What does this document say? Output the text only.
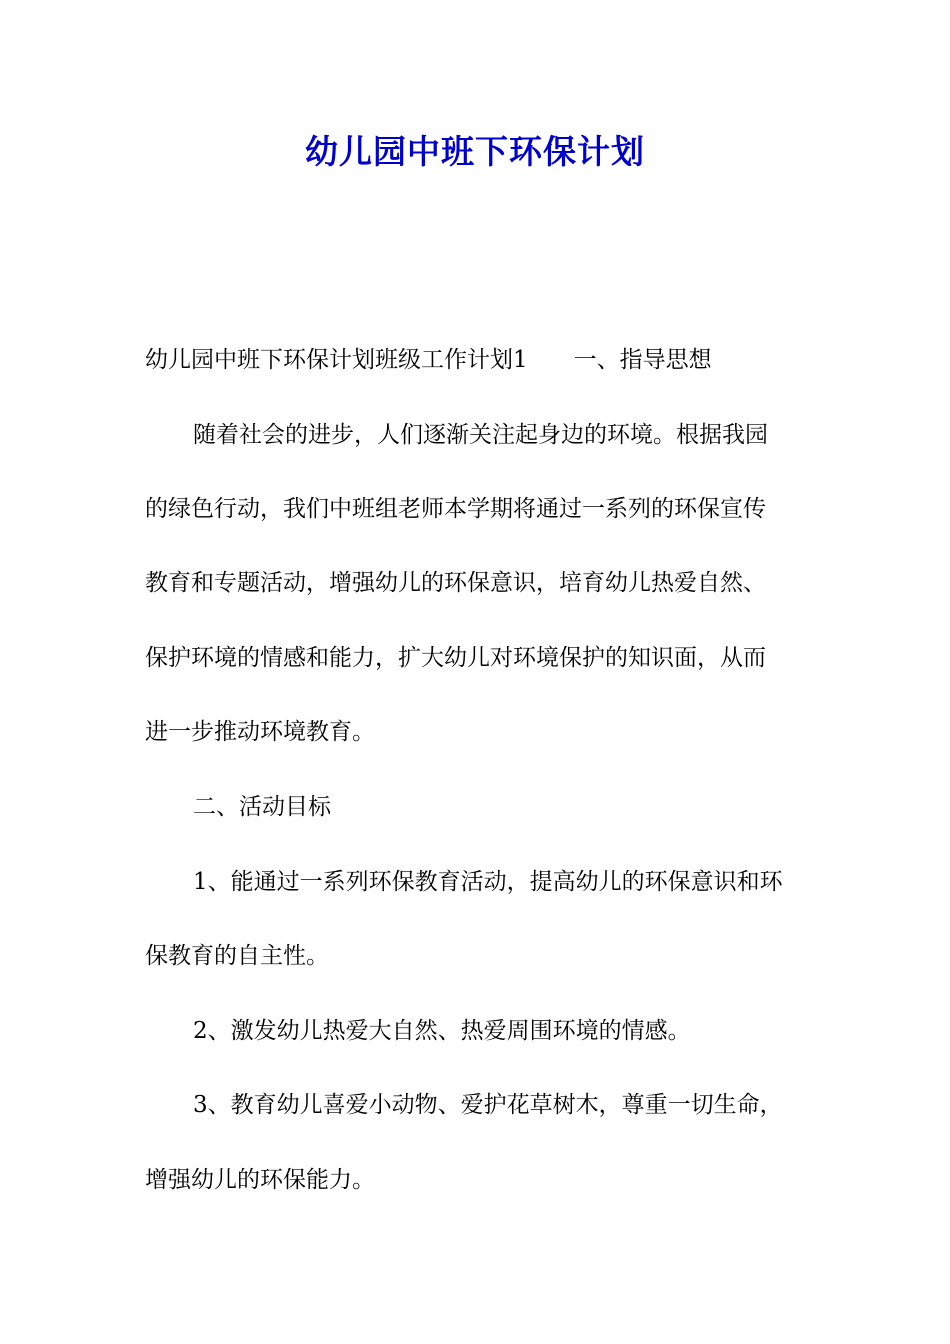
幼儿园中班下环保计划
幼儿园中班下环保计划班级工作计划1 一、指导思想
随着社会的进步，人们逐渐关注起身边的环境。根据我园
的绿色行动，我们中班组老师本学期将通过一系列的环保宣传
教育和专题活动，增强幼儿的环保意识，培育幼儿热爱自然、
保护环境的情感和能力，扩大幼儿对环境保护的知识面，从而
进一步推动环境教育。
二、活动目标
1、能通过一系列环保教育活动，提高幼儿的环保意识和环
保教育的自主性。
2、激发幼儿热爱大自然、热爱周围环境的情感。
3、教育幼儿喜爱小动物、爱护花草树木，尊重一切生命，
增强幼儿的环保能力。
